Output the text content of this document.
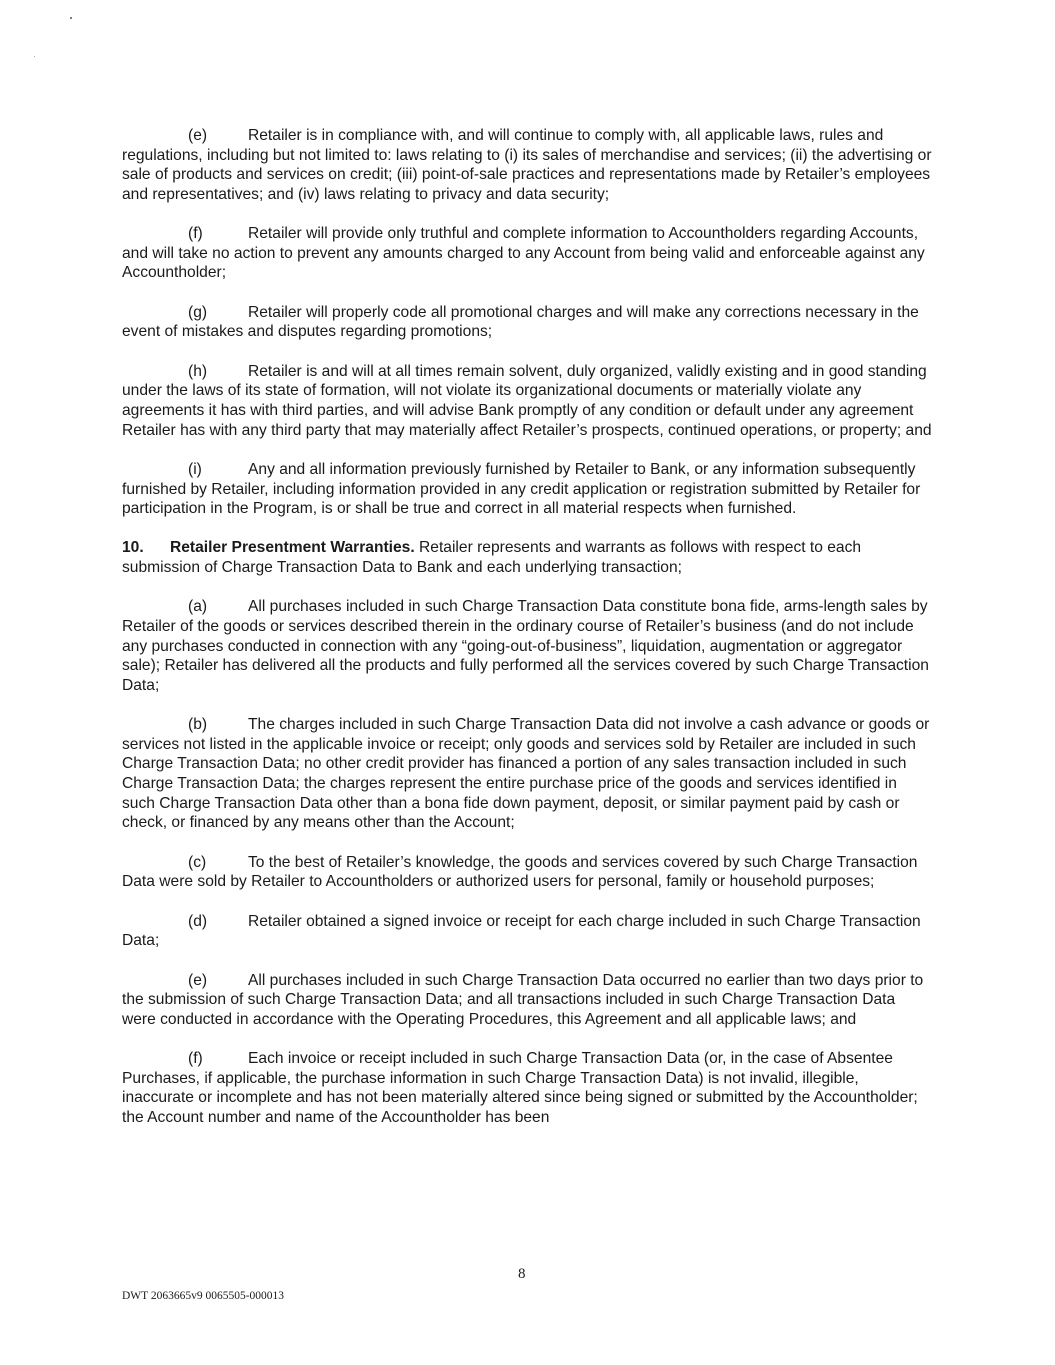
(e)	Retailer is in compliance with, and will continue to comply with, all applicable laws, rules and regulations, including but not limited to: laws relating to (i) its sales of merchandise and services; (ii) the advertising or sale of products and services on credit; (iii) point-of-sale practices and representations made by Retailer’s employees and representatives; and (iv) laws relating to privacy and data security;

(f)	Retailer will provide only truthful and complete information to Accountholders regarding Accounts, and will take no action to prevent any amounts charged to any Account from being valid and enforceable against any Accountholder;

(g)	Retailer will properly code all promotional charges and will make any corrections necessary in the event of mistakes and disputes regarding promotions;

(h)	Retailer is and will at all times remain solvent, duly organized, validly existing and in good standing under the laws of its state of formation, will not violate its organizational documents or materially violate any agreements it has with third parties, and will advise Bank promptly of any condition or default under any agreement Retailer has with any third party that may materially affect Retailer’s prospects, continued operations, or property; and

(i)	Any and all information previously furnished by Retailer to Bank, or any information subsequently furnished by Retailer, including information provided in any credit application or registration submitted by Retailer for participation in the Program, is or shall be true and correct in all material respects when furnished.

10. Retailer Presentment Warranties. Retailer represents and warrants as follows with respect to each submission of Charge Transaction Data to Bank and each underlying transaction;

(a)	All purchases included in such Charge Transaction Data constitute bona fide, arms-length sales by Retailer of the goods or services described therein in the ordinary course of Retailer’s business (and do not include any purchases conducted in connection with any “going-out-of-business”, liquidation, augmentation or aggregator sale); Retailer has delivered all the products and fully performed all the services covered by such Charge Transaction Data;

(b)	The charges included in such Charge Transaction Data did not involve a cash advance or goods or services not listed in the applicable invoice or receipt; only goods and services sold by Retailer are included in such Charge Transaction Data; no other credit provider has financed a portion of any sales transaction included in such Charge Transaction Data; the charges represent the entire purchase price of the goods and services identified in such Charge Transaction Data other than a bona fide down payment, deposit, or similar payment paid by cash or check, or financed by any means other than the Account;

(c)	To the best of Retailer’s knowledge, the goods and services covered by such Charge Transaction Data were sold by Retailer to Accountholders or authorized users for personal, family or household purposes;

(d)	Retailer obtained a signed invoice or receipt for each charge included in such Charge Transaction Data;

(e)	All purchases included in such Charge Transaction Data occurred no earlier than two days prior to the submission of such Charge Transaction Data; and all transactions included in such Charge Transaction Data were conducted in accordance with the Operating Procedures, this Agreement and all applicable laws; and

(f)	Each invoice or receipt included in such Charge Transaction Data (or, in the case of Absentee Purchases, if applicable, the purchase information in such Charge Transaction Data) is not invalid, illegible, inaccurate or incomplete and has not been materially altered since being signed or submitted by the Accountholder; the Account number and name of the Accountholder has been

8
DWT 2063665v9 0065505-000013
